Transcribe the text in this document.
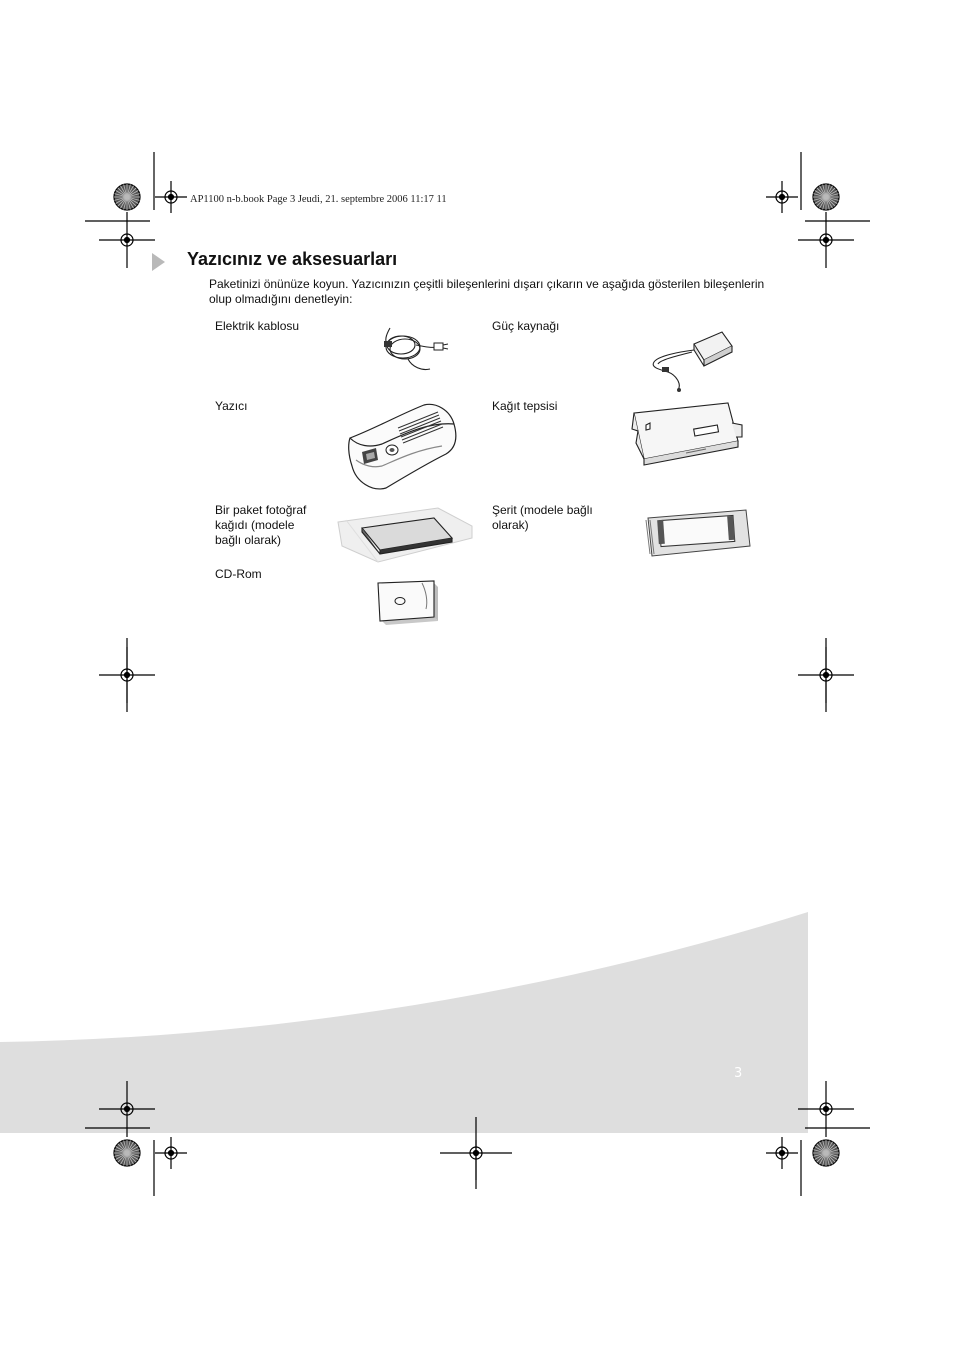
AP1100 n-b.book Page 3 Jeudi, 21. septembre 2006 11:17 11
Yazıcınız ve aksesuarları
Paketinizi önünüze koyun. Yazıcınızın çeşitli bileşenlerini dışarı çıkarın ve aşağıda gösterilen bileşenlerin olup olmadığını denetleyin:
Elektrik kablosu	Güç kaynağı
Yazıcı	Kağıt tepsisi
Bir paket fotoğraf kağıdı (modele bağlı olarak)
Şerit (modele bağlı olarak)
CD-Rom
3
